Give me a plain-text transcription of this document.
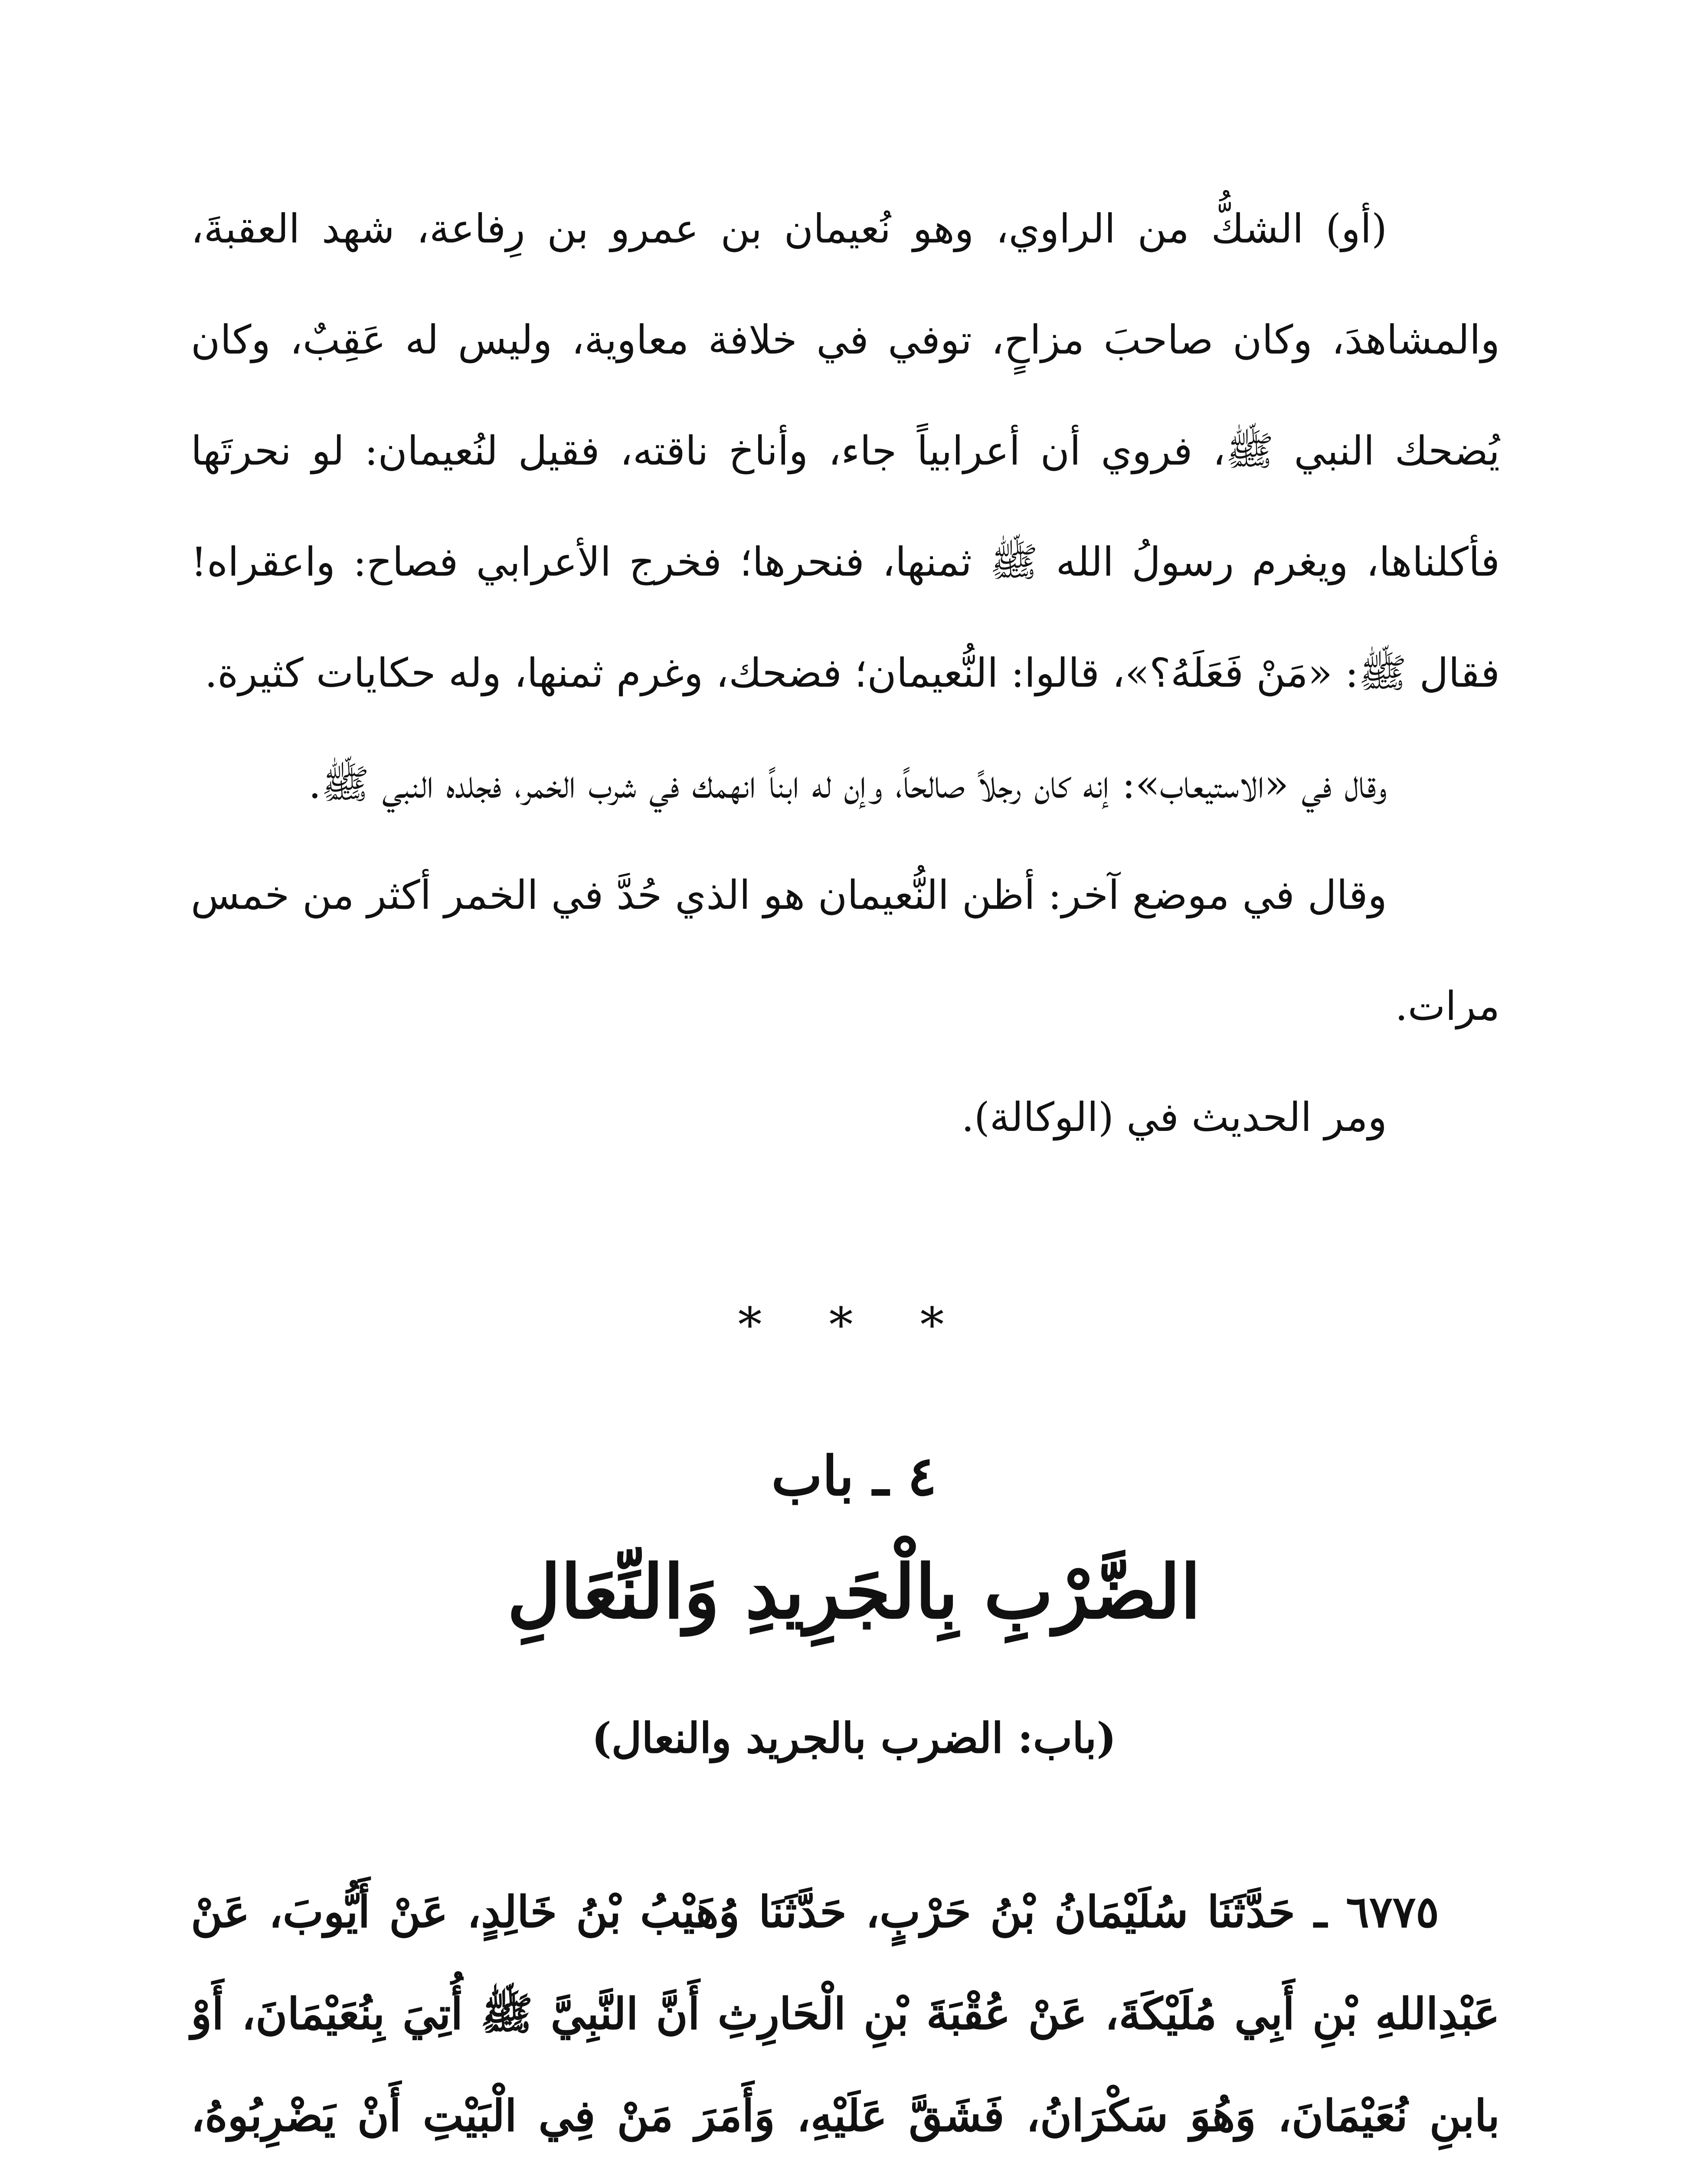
(أو) الشكُّ من الراوي، وهو نُعيمان بن عمرو بن رِفاعة، شهد العقبةَ، والمشاهدَ، وكان صاحبَ مزاحٍ، توفي في خلافة معاوية، وليس له عَقِبٌ، وكان يُضحك النبي ﷺ، فروي أن أعرابياً جاء، وأناخ ناقته، فقيل لنُعيمان: لو نحرتَها فأكلناها، ويغرم رسولُ الله ﷺ ثمنها، فنحرها؛ فخرج الأعرابي فصاح: واعقراه! فقال ﷺ: «مَنْ فَعَلَهُ؟»، قالوا: النُّعيمان؛ فضحك، وغرم ثمنها، وله حكايات كثيرة.

وقال في «الاستيعاب»: إنه كان رجلاً صالحاً، وإن له ابناً انهمك في شرب الخمر، فجلده النبي ﷺ.

وقال في موضع آخر: أظن النُّعيمان هو الذي حُدَّ في الخمر أكثر من خمس مرات.

ومر الحديث في (الوكالة).

* * *
٤ ـ باب
الضَّرْبِ بِالْجَرِيدِ وَالنِّعَالِ
(باب: الضرب بالجريد والنعال)
٦٧٧٥ ـ حَدَّثَنَا سُلَيْمَانُ بْنُ حَرْبٍ، حَدَّثَنَا وُهَيْبُ بْنُ خَالِدٍ، عَنْ أَيُّوبَ، عَنْ عَبْدِاللهِ بْنِ أَبِي مُلَيْكَةَ، عَنْ عُقْبَةَ بْنِ الْحَارِثِ أَنَّ النَّبِيَّ ﷺ أُتِيَ بِنُعَيْمَانَ، أَوْ بابنِ نُعَيْمَانَ، وَهُوَ سَكْرَانُ، فَشَقَّ عَلَيْهِ، وَأَمَرَ مَنْ فِي الْبَيْتِ أَنْ يَضْرِبُوهُ،
